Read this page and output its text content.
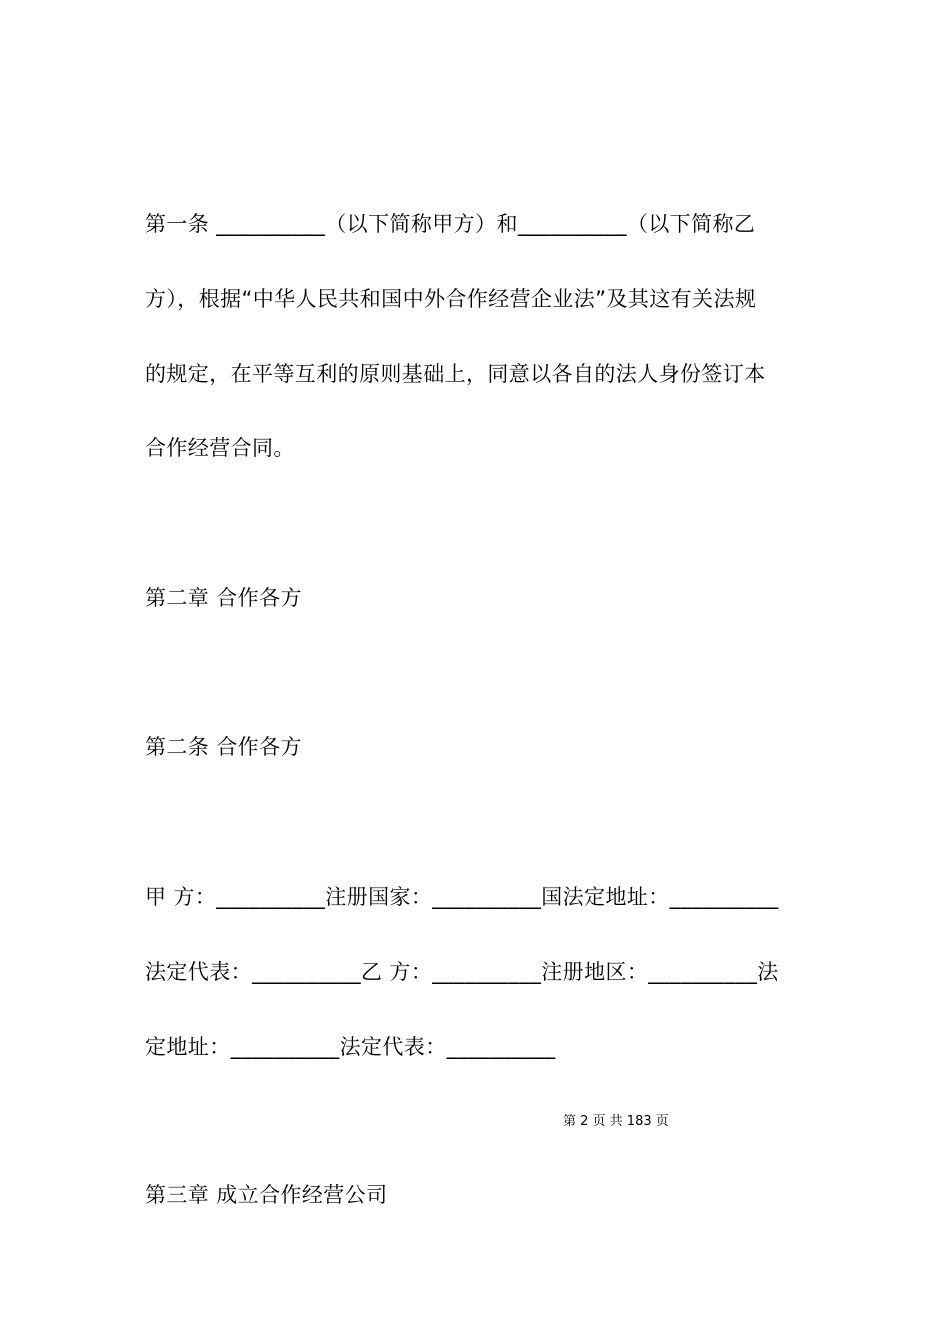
第一条 __________（以下简称甲方）和__________（以下简称乙
方），根据“中华人民共和国中外合作经营企业法”及其这有关法规
的规定，在平等互利的原则基础上，同意以各自的法人身份签订本
合作经营合同。
第二章 合作各方
第二条 合作各方
甲 方：__________注册国家：__________国法定地址：__________
法定代表：__________乙 方：__________注册地区：__________法
定地址：__________法定代表：__________
第 2 页 共 183 页
第三章 成立合作经营公司
